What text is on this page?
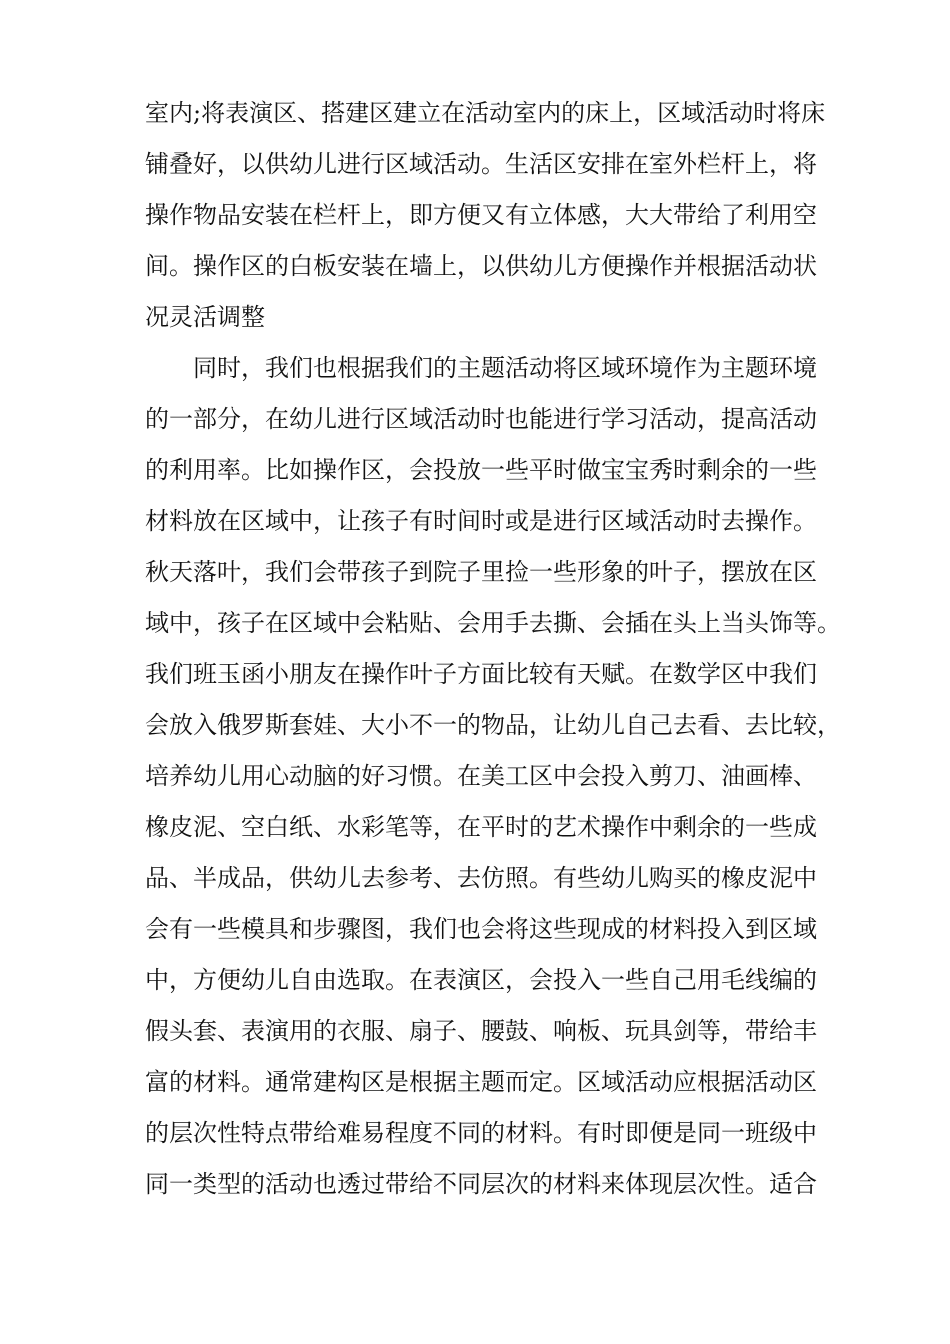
室内;将表演区、搭建区建立在活动室内的床上，区域活动时将床
铺叠好，以供幼儿进行区域活动。生活区安排在室外栏杆上，将
操作物品安装在栏杆上，即方便又有立体感，大大带给了利用空
间。操作区的白板安装在墙上，以供幼儿方便操作并根据活动状
况灵活调整
同时，我们也根据我们的主题活动将区域环境作为主题环境
的一部分，在幼儿进行区域活动时也能进行学习活动，提高活动
的利用率。比如操作区，会投放一些平时做宝宝秀时剩余的一些
材料放在区域中，让孩子有时间时或是进行区域活动时去操作。
秋天落叶，我们会带孩子到院子里捡一些形象的叶子，摆放在区
域中，孩子在区域中会粘贴、会用手去撕、会插在头上当头饰等。
我们班玉函小朋友在操作叶子方面比较有天赋。在数学区中我们
会放入俄罗斯套娃、大小不一的物品，让幼儿自己去看、去比较，
培养幼儿用心动脑的好习惯。在美工区中会投入剪刀、油画棒、
橡皮泥、空白纸、水彩笔等，在平时的艺术操作中剩余的一些成
品、半成品，供幼儿去参考、去仿照。有些幼儿购买的橡皮泥中
会有一些模具和步骤图，我们也会将这些现成的材料投入到区域
中，方便幼儿自由选取。在表演区，会投入一些自己用毛线编的
假头套、表演用的衣服、扇子、腰鼓、响板、玩具剑等，带给丰
富的材料。通常建构区是根据主题而定。区域活动应根据活动区
的层次性特点带给难易程度不同的材料。有时即便是同一班级中
同一类型的活动也透过带给不同层次的材料来体现层次性。适合
